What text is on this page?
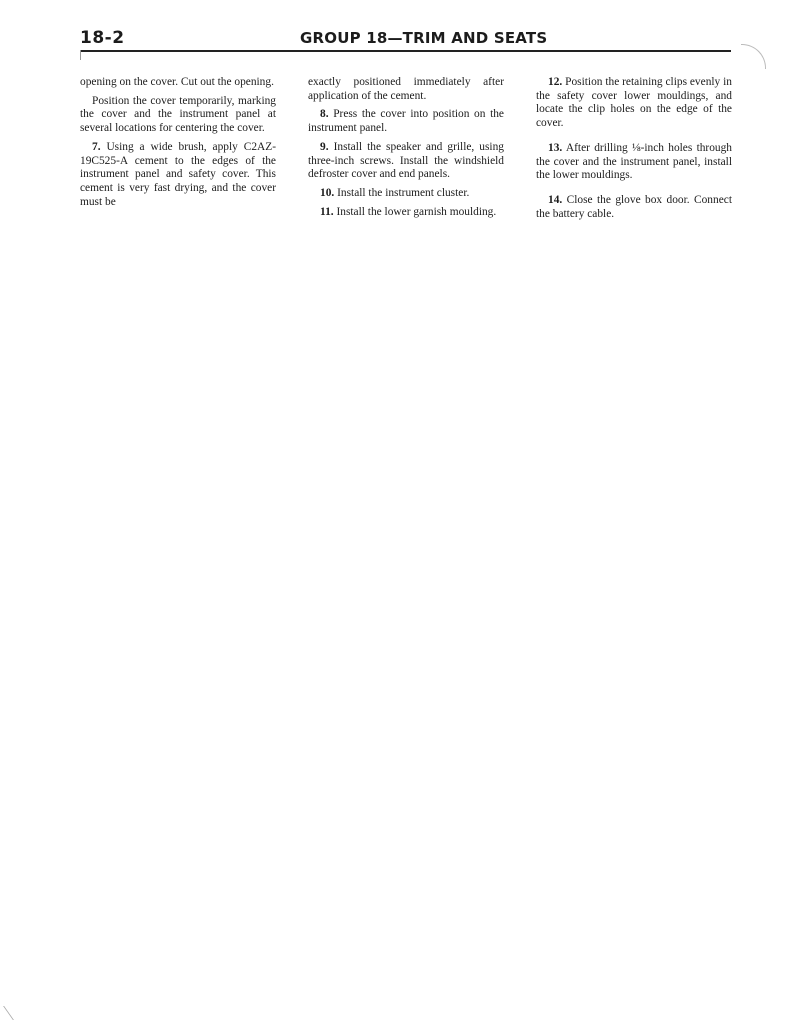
18-2	GROUP 18—TRIM AND SEATS

opening on the cover. Cut out the opening.

Position the cover temporarily, marking the cover and the instrument panel at several locations for centering the cover.

7. Using a wide brush, apply C2AZ-19C525-A cement to the edges of the instrument panel and safety cover. This cement is very fast drying, and the cover must be

exactly positioned immediately after application of the cement.

8. Press the cover into position on the instrument panel.

9. Install the speaker and grille, using three-inch screws. Install the windshield defroster cover and end panels.

10. Install the instrument cluster.

11. Install the lower garnish moulding.

12. Position the retaining clips evenly in the safety cover lower mouldings, and locate the clip holes on the edge of the cover.

13. After drilling ⅛-inch holes through the cover and the instrument panel, install the lower mouldings.

14. Close the glove box door. Connect the battery cable.
